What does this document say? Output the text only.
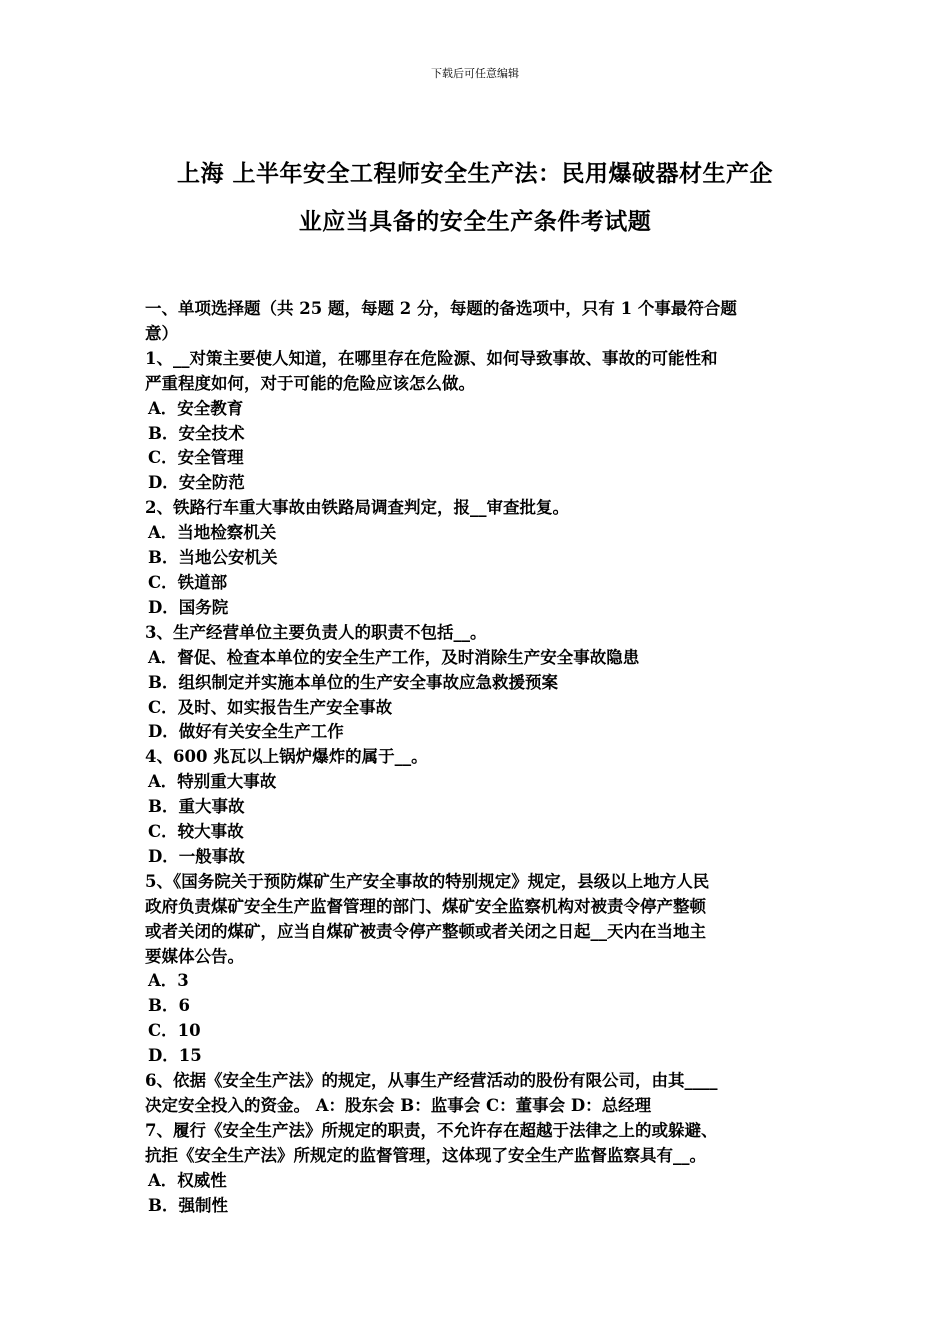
下载后可任意编辑
上海 上半年安全工程师安全生产法：民用爆破器材生产企
业应当具备的安全生产条件考试题
一、单项选择题（共 25 题，每题 2 分，每题的备选项中，只有 1 个事最符合题
意）
1、__对策主要使人知道，在哪里存在危险源、如何导致事故、事故的可能性和
严重程度如何，对于可能的危险应该怎么做。
A．安全教育
B．安全技术
C．安全管理
D．安全防范
2、铁路行车重大事故由铁路局调查判定，报__审查批复。
A．当地检察机关
B．当地公安机关
C．铁道部
D．国务院
3、生产经营单位主要负责人的职责不包括__。
A．督促、检查本单位的安全生产工作，及时消除生产安全事故隐患
B．组织制定并实施本单位的生产安全事故应急救援预案
C．及时、如实报告生产安全事故
D．做好有关安全生产工作
4、600 兆瓦以上锅炉爆炸的属于__。
A．特别重大事故
B．重大事故
C．较大事故
D．一般事故
5、《国务院关于预防煤矿生产安全事故的特别规定》规定，县级以上地方人民
政府负责煤矿安全生产监督管理的部门、煤矿安全监察机构对被责令停产整顿
或者关闭的煤矿，应当自煤矿被责令停产整顿或者关闭之日起__天内在当地主
要媒体公告。
A．3
B．6
C．10
D．15
6、依据《安全生产法》的规定，从事生产经营活动的股份有限公司，由其____
决定安全投入的资金。 A：股东会 B：监事会 C：董事会 D：总经理
7、履行《安全生产法》所规定的职责，不允许存在超越于法律之上的或躲避、
抗拒《安全生产法》所规定的监督管理，这体现了安全生产监督监察具有__。
A．权威性
B．强制性
